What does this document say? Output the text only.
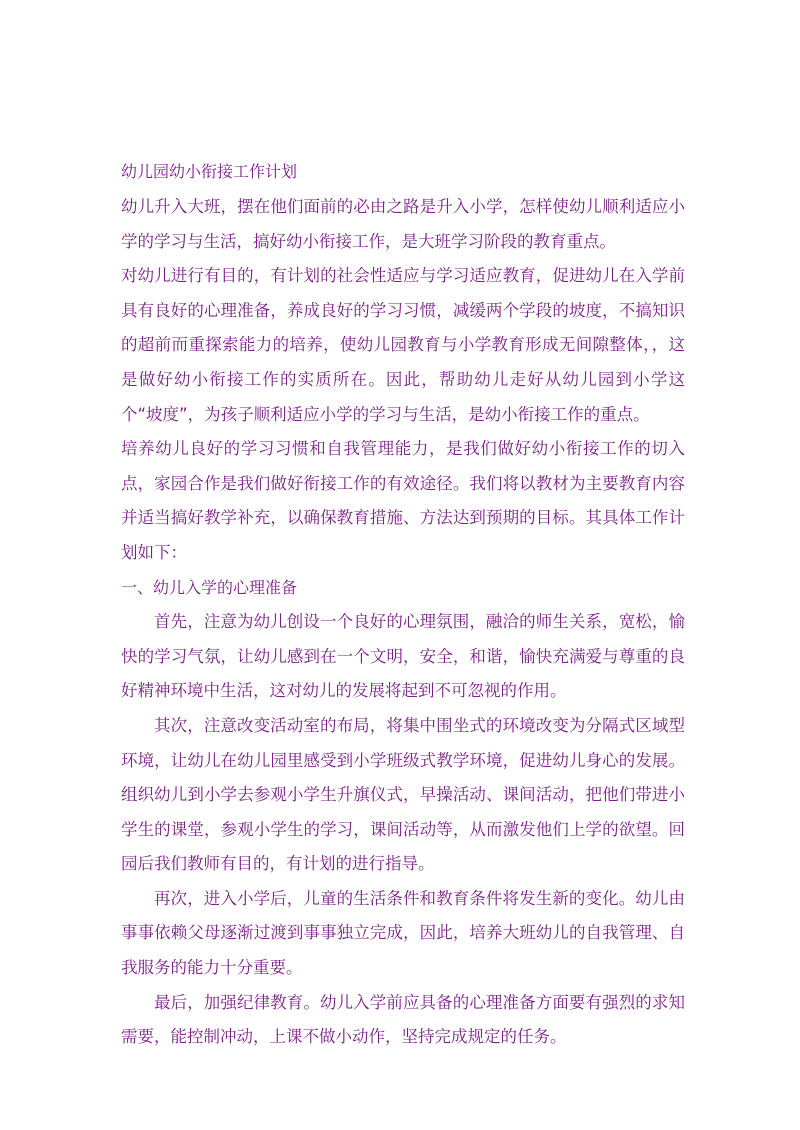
幼儿园幼小衔接工作计划

幼儿升入大班，摆在他们面前的必由之路是升入小学，怎样使幼儿顺利适应小学的学习与生活，搞好幼小衔接工作，是大班学习阶段的教育重点。

对幼儿进行有目的，有计划的社会性适应与学习适应教育，促进幼儿在入学前具有良好的心理准备，养成良好的学习习惯，减缓两个学段的坡度，不搞知识的超前而重探索能力的培养，使幼儿园教育与小学教育形成无间隙整体，，这是做好幼小衔接工作的实质所在。因此，帮助幼儿走好从幼儿园到小学这个“坡度”，为孩子顺利适应小学的学习与生活，是幼小衔接工作的重点。

培养幼儿良好的学习习惯和自我管理能力，是我们做好幼小衔接工作的切入点，家园合作是我们做好衔接工作的有效途径。我们将以教材为主要教育内容并适当搞好教学补充，以确保教育措施、方法达到预期的目标。其具体工作计划如下：

一、幼儿入学的心理准备

首先，注意为幼儿创设一个良好的心理氛围，融洽的师生关系，宽松，愉快的学习气氛，让幼儿感到在一个文明，安全，和谐，愉快充满爱与尊重的良好精神环境中生活，这对幼儿的发展将起到不可忽视的作用。

其次，注意改变活动室的布局，将集中围坐式的环境改变为分隔式区域型环境，让幼儿在幼儿园里感受到小学班级式教学环境，促进幼儿身心的发展。组织幼儿到小学去参观小学生升旗仪式，早操活动、课间活动，把他们带进小学生的课堂，参观小学生的学习，课间活动等，从而激发他们上学的欲望。回园后我们教师有目的，有计划的进行指导。

再次，进入小学后，儿童的生活条件和教育条件将发生新的变化。幼儿由事事依赖父母逐渐过渡到事事独立完成，因此，培养大班幼儿的自我管理、自我服务的能力十分重要。

最后，加强纪律教育。幼儿入学前应具备的心理准备方面要有强烈的求知需要，能控制冲动，上课不做小动作，坚持完成规定的任务。
